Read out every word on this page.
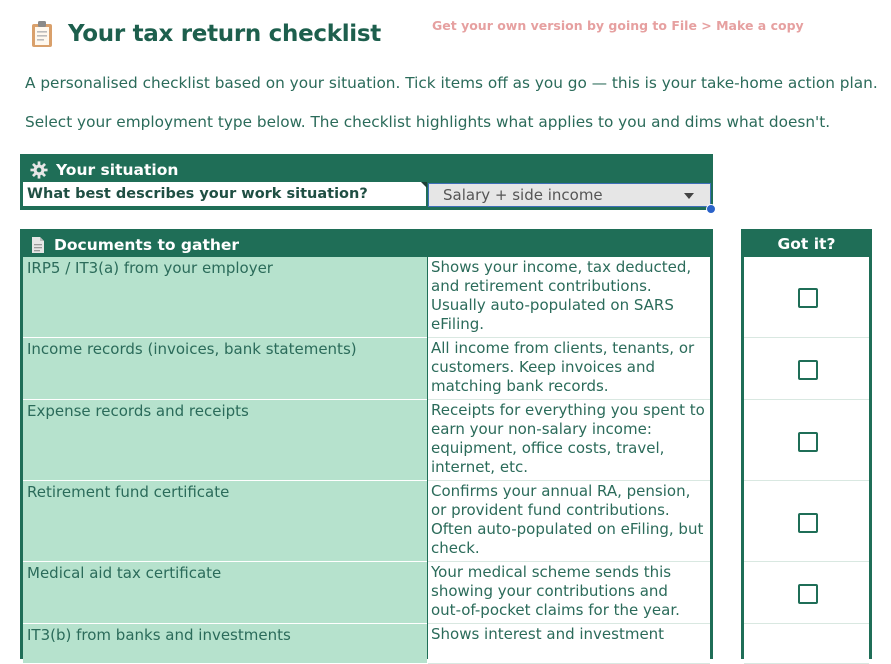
Your tax return checklist	Get your own version by going to File > Make a copy
A personalised checklist based on your situation. Tick items off as you go — this is your take-home action plan.
Select your employment type below. The checklist highlights what applies to you and dims what doesn't.
Your situation
What best describes your work situation?	Salary + side income
Documents to gather
IRP5 / IT3(a) from your employer	Shows your income, tax deducted,
and retirement contributions.
Usually auto-populated on SARS
eFiling.
Income records (invoices, bank statements)	All income from clients, tenants, or
customers. Keep invoices and
matching bank records.
Expense records and receipts	Receipts for everything you spent to
earn your non-salary income:
equipment, office costs, travel,
internet, etc.
Retirement fund certificate	Confirms your annual RA, pension,
or provident fund contributions.
Often auto-populated on eFiling, but
check.
Medical aid tax certificate	Your medical scheme sends this
showing your contributions and
out-of-pocket claims for the year.
IT3(b) from banks and investments	Shows interest and investment
Got it?
